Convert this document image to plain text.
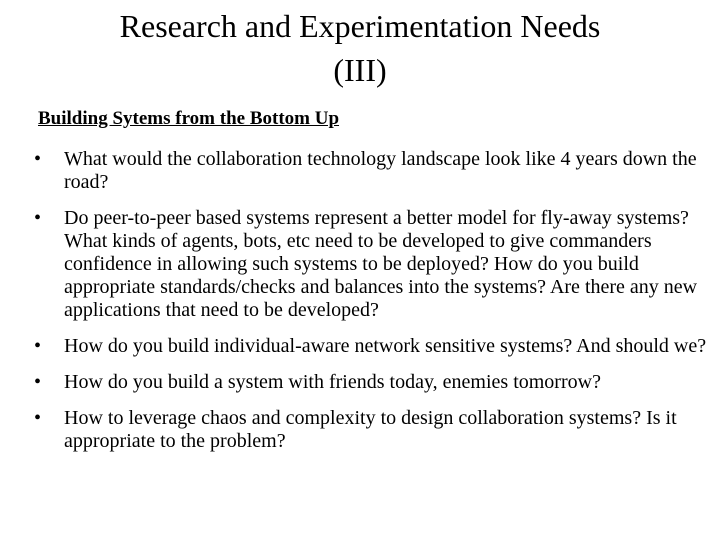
Research and Experimentation Needs
(III)

Building Sytems from the Bottom Up

• What would the collaboration technology landscape look like 4 years down the road?
• Do peer-to-peer based systems represent a better model for fly-away systems? What kinds of agents, bots, etc need to be developed to give commanders confidence in allowing such systems to be deployed? How do you build appropriate standards/checks and balances into the systems? Are there any new applications that need to be developed?
• How do you build individual-aware network sensitive systems? And should we?
• How do you build a system with friends today, enemies tomorrow?
• How to leverage chaos and complexity to design collaboration systems? Is it appropriate to the problem?
